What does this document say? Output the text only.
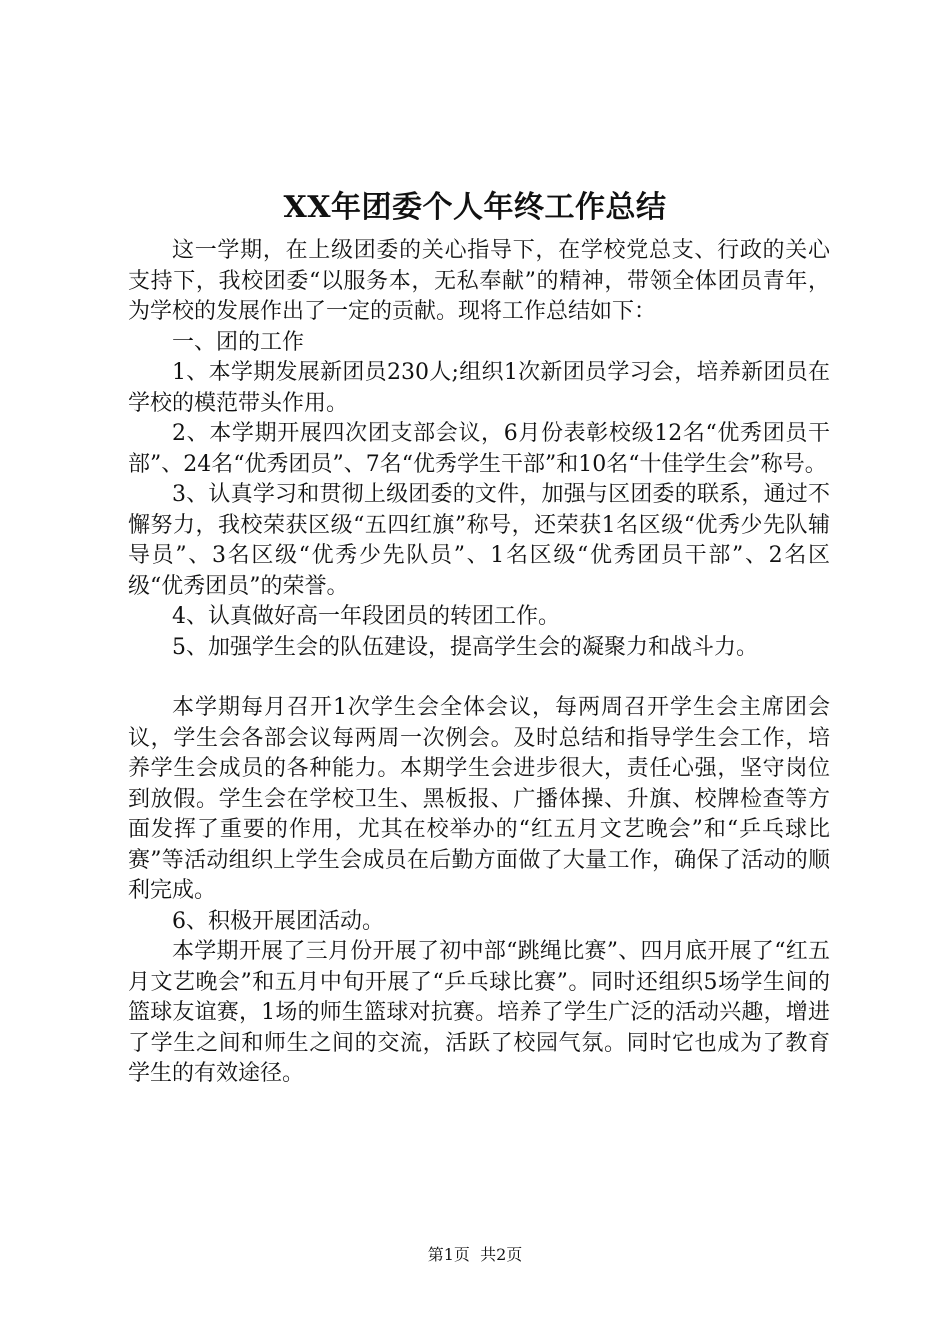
XX年团委个人年终工作总结

这一学期，在上级团委的关心指导下，在学校党总支、行政的关心支持下，我校团委“以服务本，无私奉献”的精神，带领全体团员青年，为学校的发展作出了一定的贡献。现将工作总结如下：

一、团的工作

1、本学期发展新团员230人;组织1次新团员学习会，培养新团员在学校的模范带头作用。

2、本学期开展四次团支部会议，6月份表彰校级12名“优秀团员干部”、24名“优秀团员”、7名“优秀学生干部”和10名“十佳学生会”称号。

3、认真学习和贯彻上级团委的文件，加强与区团委的联系，通过不懈努力，我校荣获区级“五四红旗”称号，还荣获1名区级“优秀少先队辅导员”、3名区级“优秀少先队员”、1名区级“优秀团员干部”、2名区级“优秀团员”的荣誉。

4、认真做好高一年段团员的转团工作。

5、加强学生会的队伍建设，提高学生会的凝聚力和战斗力。

本学期每月召开1次学生会全体会议，每两周召开学生会主席团会议，学生会各部会议每两周一次例会。及时总结和指导学生会工作，培养学生会成员的各种能力。本期学生会进步很大，责任心强，坚守岗位到放假。学生会在学校卫生、黑板报、广播体操、升旗、校牌检查等方面发挥了重要的作用，尤其在校举办的“红五月文艺晚会”和“乒乓球比赛”等活动组织上学生会成员在后勤方面做了大量工作，确保了活动的顺利完成。

6、积极开展团活动。

本学期开展了三月份开展了初中部“跳绳比赛”、四月底开展了“红五月文艺晚会”和五月中旬开展了“乒乓球比赛”。同时还组织5场学生间的篮球友谊赛，1场的师生篮球对抗赛。培养了学生广泛的活动兴趣，增进了学生之间和师生之间的交流，活跃了校园气氛。同时它也成为了教育学生的有效途径。

第1页 共2页
